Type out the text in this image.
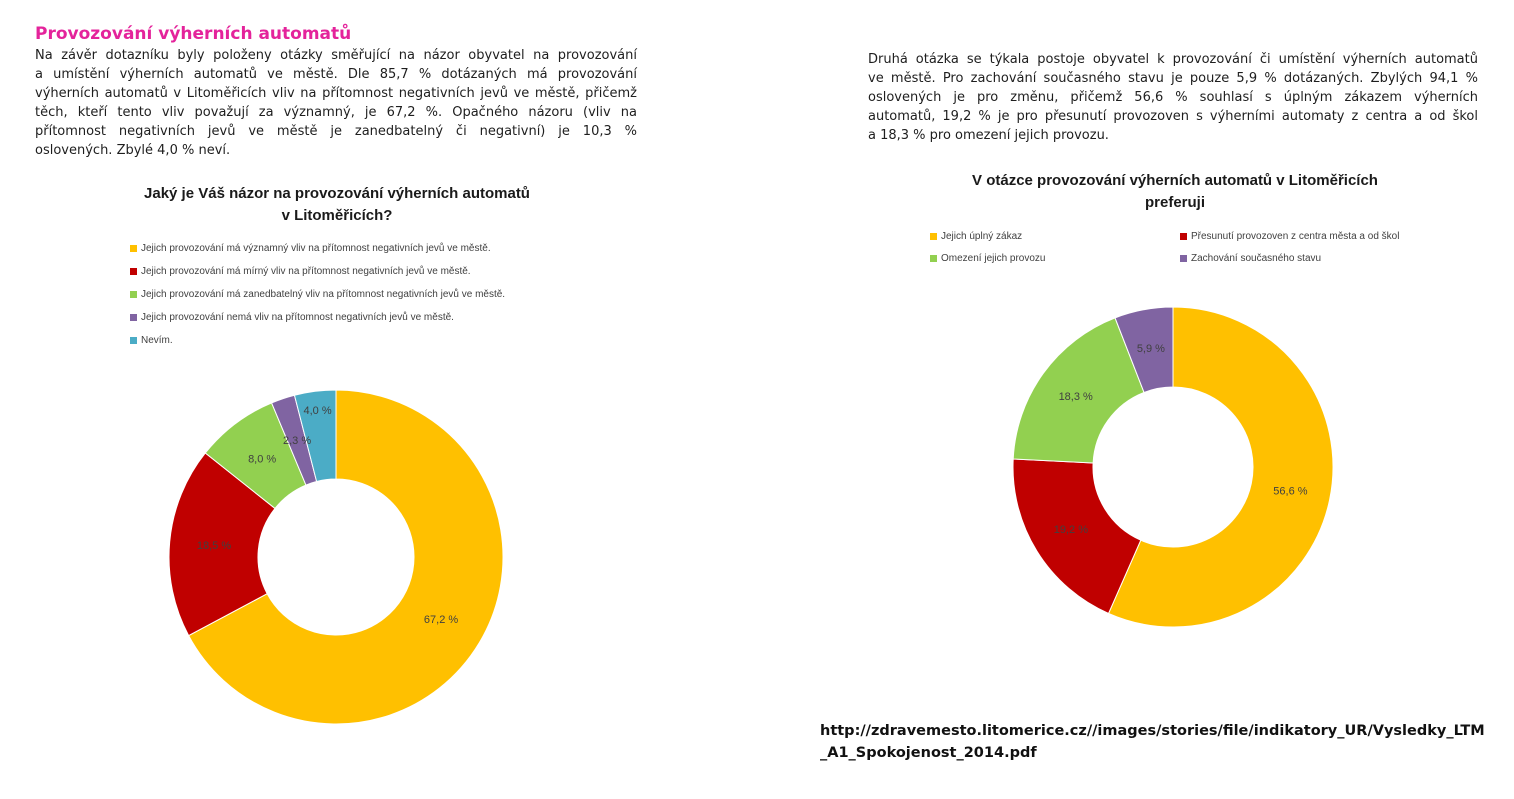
Provozování výherních automatů
Na závěr dotazníku byly položeny otázky směřující na názor obyvatel na provozování
a umístění výherních automatů ve městě. Dle 85,7 % dotázaných má provozování
výherních automatů v Litoměřicích vliv na přítomnost negativních jevů ve městě, přičemž
těch, kteří tento vliv považují za významný, je 67,2 %. Opačného názoru (vliv na
přítomnost negativních jevů ve městě je zanedbatelný či negativní) je 10,3 %
oslovených. Zbylé 4,0 % neví.
Jaký je Váš názor na provozování výherních automatů
v Litoměřicích?
Jejich provozování má významný vliv na přítomnost negativních jevů ve městě.
Jejich provozování má mírný vliv na přítomnost negativních jevů ve městě.
Jejich provozování má zanedbatelný vliv na přítomnost negativních jevů ve městě.
Jejich provozování nemá vliv na přítomnost negativních jevů ve městě.
Nevím.
67,2 %
18,5 %
8,0 %
2,3 %
4,0 %
Druhá otázka se týkala postoje obyvatel k provozování či umístění výherních automatů
ve městě. Pro zachování současného stavu je pouze 5,9 % dotázaných. Zbylých 94,1 %
oslovených je pro změnu, přičemž 56,6 % souhlasí s úplným zákazem výherních
automatů, 19,2 % je pro přesunutí provozoven s výherními automaty z centra a od škol
a 18,3 % pro omezení jejich provozu.
V otázce provozování výherních automatů v Litoměřicích
preferuji
Jejich úplný zákaz	Přesunutí provozoven z centra města a od škol
Omezení jejich provozu	Zachování současného stavu
56,6 %
19,2 %
18,3 %
5,9 %
http://zdravemesto.litomerice.cz//images/stories/file/indikatory_UR/Vysledky_LTM
_A1_Spokojenost_2014.pdf
